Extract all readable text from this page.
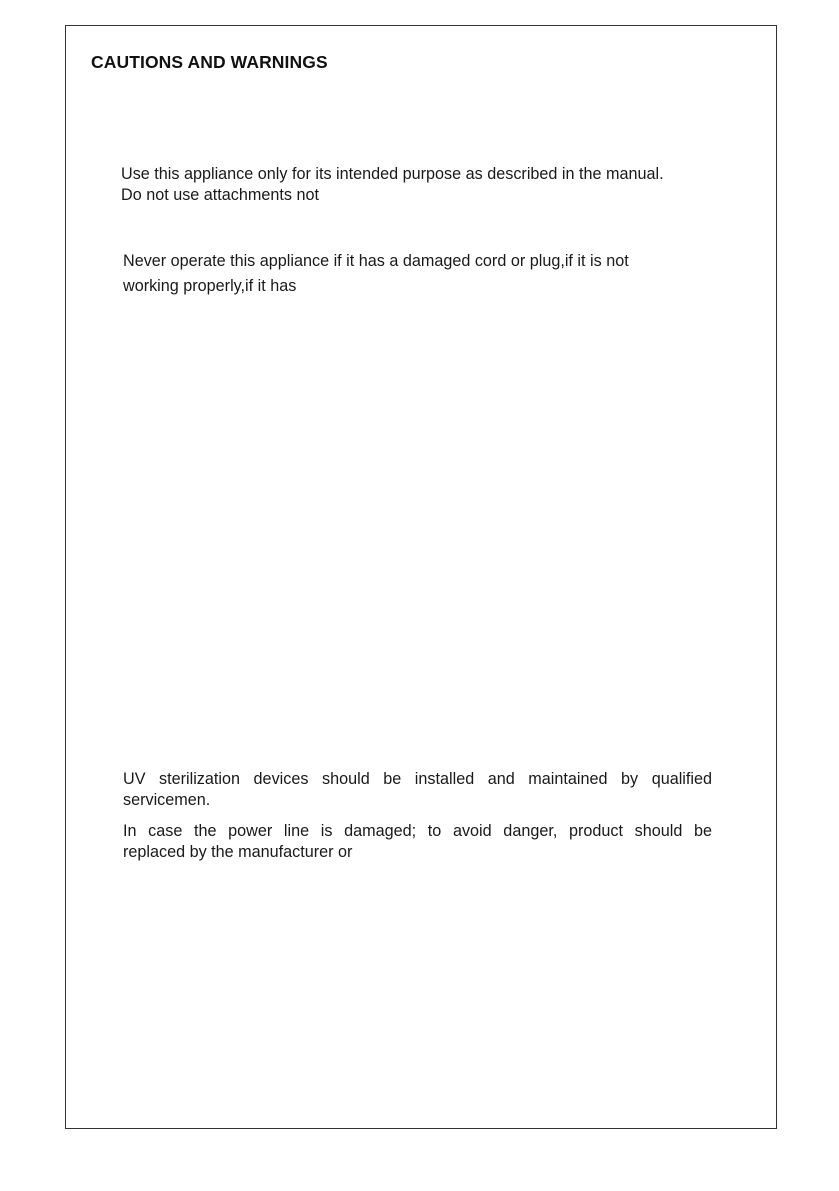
CAUTIONS AND WARNINGS
Use this appliance only for its intended purpose as described in the manual.
Do not use attachments not
Never operate this appliance if it has a damaged cord or plug,if it is not
working properly,if it has
UV sterilization devices should be installed and maintained by qualified
servicemen.
In case the power line is damaged; to avoid danger, product should be
replaced by the manufacturer or
